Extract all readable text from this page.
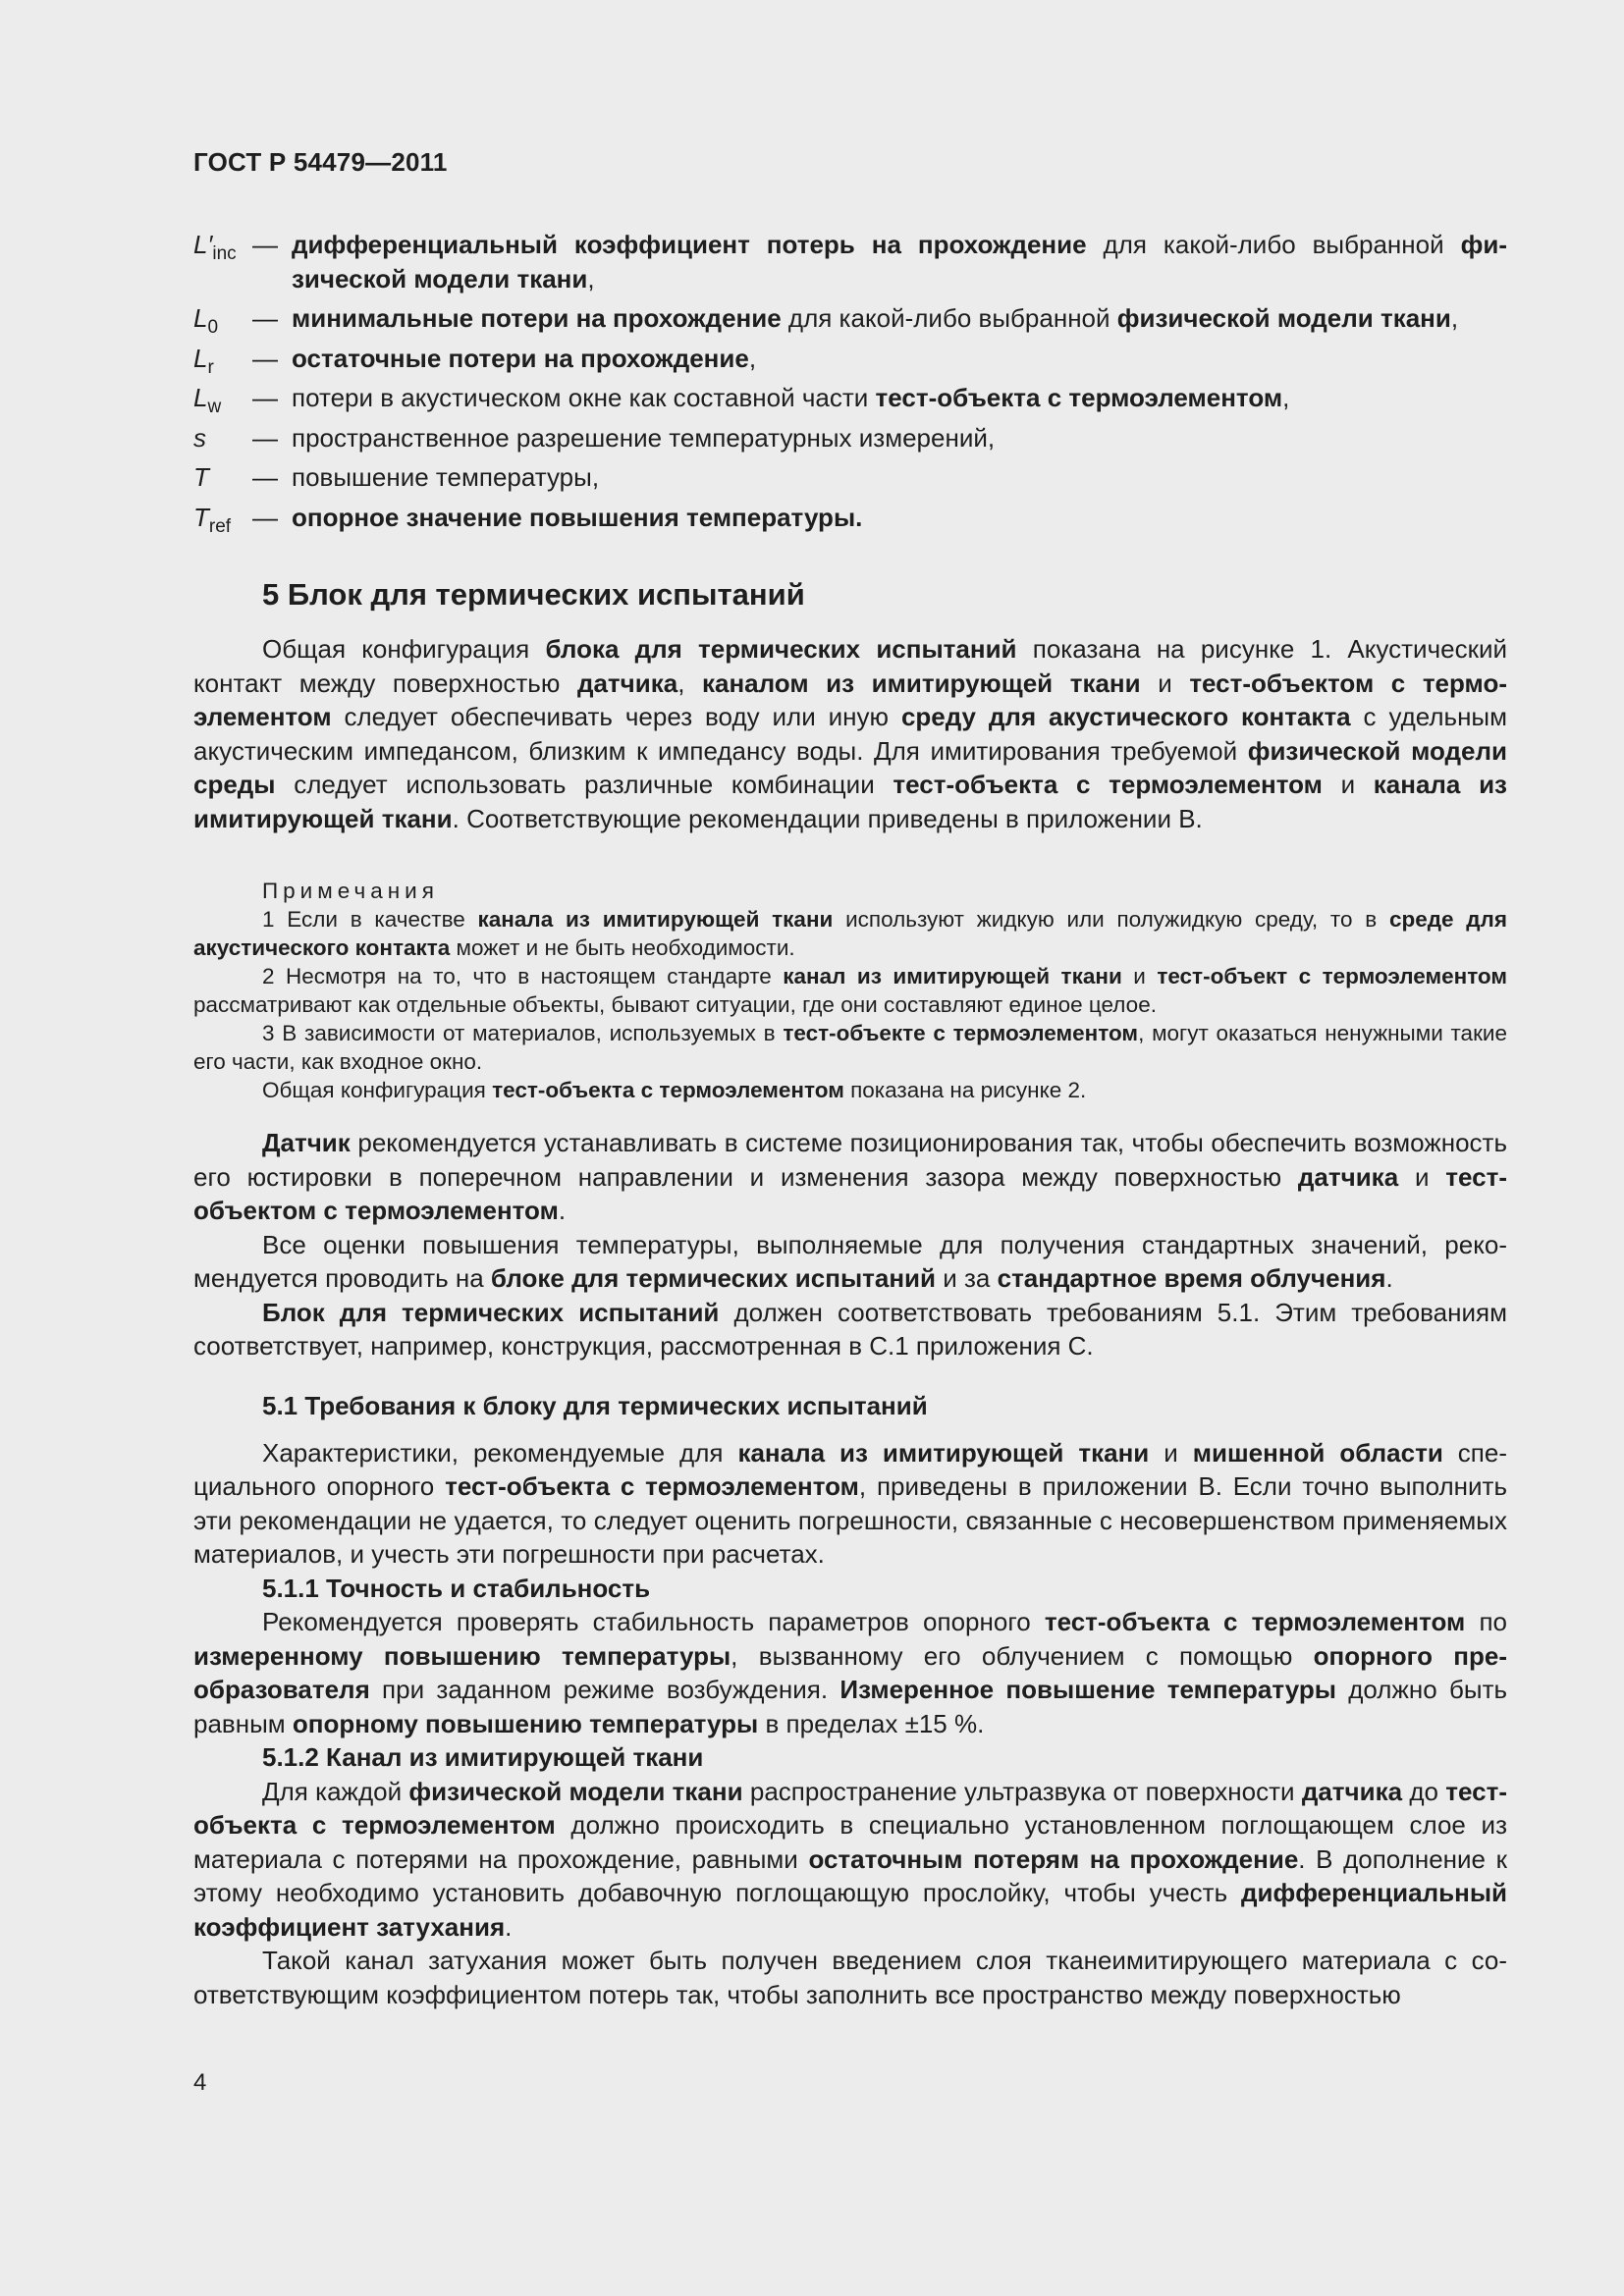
ГОСТ Р 54479—2011
$L'_{inc}$ — дифференциальный коэффициент потерь на прохождение для какой-либо выбранной физической модели ткани,
$L_0$	— минимальные потери на прохождение для какой-либо выбранной физической модели ткани,
$L_r$	— остаточные потери на прохождение,
$L_w$	— потери в акустическом окне как составной части тест-объекта с термоэлементом,
s	— пространственное разрешение температурных измерений,
T	— повышение температуры,
$T_{ref}$ — опорное значение повышения температуры.
5 Блок для термических испытаний

Общая конфигурация блока для термических испытаний показана на рисунке 1. Акустический контакт между поверхностью датчика, каналом из имитирующей ткани и тест-объектом с термоэлементом следует обеспечивать через воду или иную среду для акустического контакта с удельным акустическим импедансом, близким к импедансу воды. Для имитирования требуемой физической модели среды следует использовать различные комбинации тест-объекта с термоэлементом и канала из имитирующей ткани. Соответствующие рекомендации приведены в приложении В.

Примечания

1 Если в качестве канала из имитирующей ткани используют жидкую или полужидкую среду, то в среде для акустического контакта может и не быть необходимости.

2 Несмотря на то, что в настоящем стандарте канал из имитирующей ткани и тест-объект с термоэлементом рассматривают как отдельные объекты, бывают ситуации, где они составляют единое целое.

3 В зависимости от материалов, используемых в тест-объекте с термоэлементом, могут оказаться ненужными такие его части, как входное окно.

Общая конфигурация тест-объекта с термоэлементом показана на рисунке 2.

Датчик рекомендуется устанавливать в системе позиционирования так, чтобы обеспечить возможность его юстировки в поперечном направлении и изменения зазора между поверхностью датчика и тест-объектом с термоэлементом.

Все оценки повышения температуры, выполняемые для получения стандартных значений, рекомендуется проводить на блоке для термических испытаний и за стандартное время облучения.

Блок для термических испытаний должен соответствовать требованиям 5.1. Этим требованиям соответствует, например, конструкция, рассмотренная в С.1 приложения С.

5.1 Требования к блоку для термических испытаний

Характеристики, рекомендуемые для канала из имитирующей ткани и мишенной области специального опорного тест-объекта с термоэлементом, приведены в приложении В. Если точно выполнить эти рекомендации не удается, то следует оценить погрешности, связанные с несовершенством применяемых материалов, и учесть эти погрешности при расчетах.

5.1.1 Точность и стабильность

Рекомендуется проверять стабильность параметров опорного тест-объекта с термоэлементом по измеренному повышению температуры, вызванному его облучением с помощью опорного преобразователя при заданном режиме возбуждения. Измеренное повышение температуры должно быть равным опорному повышению температуры в пределах ±15 %.

5.1.2 Канал из имитирующей ткани

Для каждой физической модели ткани распространение ультразвука от поверхности датчика до тест-объекта с термоэлементом должно происходить в специально установленном поглощающем слое из материала с потерями на прохождение, равными остаточным потерям на прохождение. В дополнение к этому необходимо установить добавочную поглощающую прослойку, чтобы учесть дифференциальный коэффициент затухания.

Такой канал затухания может быть получен введением слоя тканеимитирующего материала с соответствующим коэффициентом потерь так, чтобы заполнить все пространство между поверхностью

4
